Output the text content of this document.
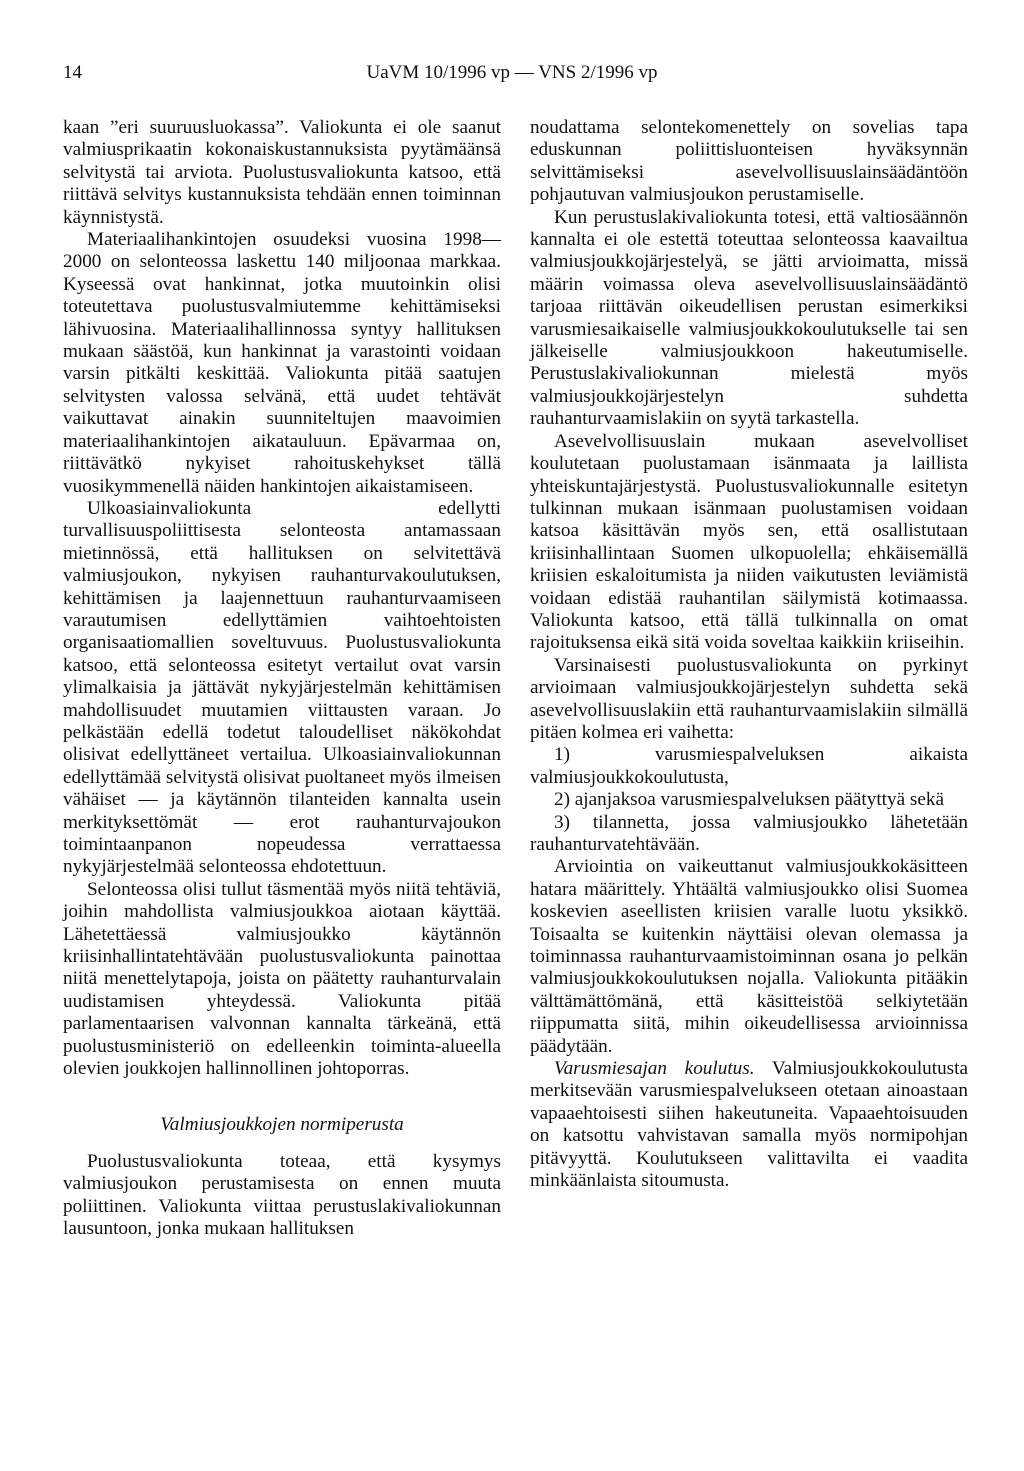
14	UaVM 10/1996 vp — VNS 2/1996 vp

kaan ”eri suuruusluokassa”. Valiokunta ei ole saanut valmiusprikaatin kokonaiskustannuksista pyytämäänsä selvitystä tai arviota. Puolustusvaliokunta katsoo, että riittävä selvitys kustannuksista tehdään ennen toiminnan käynnistystä.

Materiaalihankintojen osuudeksi vuosina 1998—2000 on selonteossa laskettu 140 miljoonaa markkaa. Kyseessä ovat hankinnat, jotka muutoinkin olisi toteutettava puolustusvalmiutemme kehittämiseksi lähivuosina. Materiaalihallinnossa syntyy hallituksen mukaan säästöä, kun hankinnat ja varastointi voidaan varsin pitkälti keskittää. Valiokunta pitää saatujen selvitysten valossa selvänä, että uudet tehtävät vaikuttavat ainakin suunniteltujen maavoimien materiaalihankintojen aikatauluun. Epävarmaa on, riittävätkö nykyiset rahoituskehykset tällä vuosikymmenellä näiden hankintojen aikaistamiseen.

Ulkoasiainvaliokunta edellytti turvallisuuspoliittisesta selonteosta antamassaan mietinnössä, että hallituksen on selvitettävä valmiusjoukon, nykyisen rauhanturvakoulutuksen, kehittämisen ja laajennettuun rauhanturvaamiseen varautumisen edellyttämien vaihtoehtoisten organisaatiomallien soveltuvuus. Puolustusvaliokunta katsoo, että selonteossa esitetyt vertailut ovat varsin ylimalkaisia ja jättävät nykyjärjestelmän kehittämisen mahdollisuudet muutamien viittausten varaan. Jo pelkästään edellä todetut taloudelliset näkökohdat olisivat edellyttäneet vertailua. Ulkoasiainvaliokunnan edellyttämää selvitystä olisivat puoltaneet myös ilmeisen vähäiset — ja käytännön tilanteiden kannalta usein merkityksettömät — erot rauhanturvajoukon toimintaanpanon nopeudessa verrattaessa nykyjärjestelmää selonteossa ehdotettuun.

Selonteossa olisi tullut täsmentää myös niitä tehtäviä, joihin mahdollista valmiusjoukkoa aiotaan käyttää. Lähetettäessä valmiusjoukko käytännön kriisinhallintatehtävään puolustusvaliokunta painottaa niitä menettelytapoja, joista on päätetty rauhanturvalain uudistamisen yhteydessä. Valiokunta pitää parlamentaarisen valvonnan kannalta tärkeänä, että puolustusministeriö on edelleenkin toiminta-alueella olevien joukkojen hallinnollinen johtoporras.

Valmiusjoukkojen normiperusta

Puolustusvaliokunta toteaa, että kysymys valmiusjoukon perustamisesta on ennen muuta poliittinen. Valiokunta viittaa perustuslakivaliokunnan lausuntoon, jonka mukaan hallituksen

noudattama selontekomenettely on sovelias tapa eduskunnan poliittisluonteisen hyväksynnän selvittämiseksi asevelvollisuuslainsäädäntöön pohjautuvan valmiusjoukon perustamiselle.

Kun perustuslakivaliokunta totesi, että valtiosäännön kannalta ei ole estettä toteuttaa selonteossa kaavailtua valmiusjoukkojärjestelyä, se jätti arvioimatta, missä määrin voimassa oleva asevelvollisuuslainsäädäntö tarjoaa riittävän oikeudellisen perustan esimerkiksi varusmiesaikaiselle valmiusjoukkokoulutukselle tai sen jälkeiselle valmiusjoukkoon hakeutumiselle. Perustuslakivaliokunnan mielestä myös valmiusjoukkojärjestelyn suhdetta rauhanturvaamislakiin on syytä tarkastella.

Asevelvollisuuslain mukaan asevelvolliset koulutetaan puolustamaan isänmaata ja laillista yhteiskuntajärjestystä. Puolustusvaliokunnalle esitetyn tulkinnan mukaan isänmaan puolustamisen voidaan katsoa käsittävän myös sen, että osallistutaan kriisinhallintaan Suomen ulkopuolella; ehkäisemällä kriisien eskaloitumista ja niiden vaikutusten leviämistä voidaan edistää rauhantilan säilymistä kotimaassa. Valiokunta katsoo, että tällä tulkinnalla on omat rajoituksensa eikä sitä voida soveltaa kaikkiin kriiseihin.

Varsinaisesti puolustusvaliokunta on pyrkinyt arvioimaan valmiusjoukkojärjestelyn suhdetta sekä asevelvollisuuslakiin että rauhanturvaamislakiin silmällä pitäen kolmea eri vaihetta:

1) varusmiespalveluksen aikaista valmiusjoukkokoulutusta,

2) ajanjaksoa varusmiespalveluksen päätyttyä sekä

3) tilannetta, jossa valmiusjoukko lähetetään rauhanturvatehtävään.

Arviointia on vaikeuttanut valmiusjoukkokäsitteen hatara määrittely. Yhtäältä valmiusjoukko olisi Suomea koskevien aseellisten kriisien varalle luotu yksikkö. Toisaalta se kuitenkin näyttäisi olevan olemassa ja toiminnassa rauhanturvaamistoiminnan osana jo pelkän valmiusjoukkokoulutuksen nojalla. Valiokunta pitääkin välttämättömänä, että käsitteistöä selkiytetään riippumatta siitä, mihin oikeudellisessa arvioinnissa päädytään.

Varusmiesajan koulutus. Valmiusjoukkokoulutusta merkitsevään varusmiespalvelukseen otetaan ainoastaan vapaaehtoisesti siihen hakeutuneita. Vapaaehtoisuuden on katsottu vahvistavan samalla myös normipohjan pitävyyttä. Koulutukseen valittavilta ei vaadita minkäänlaista sitoumusta.
